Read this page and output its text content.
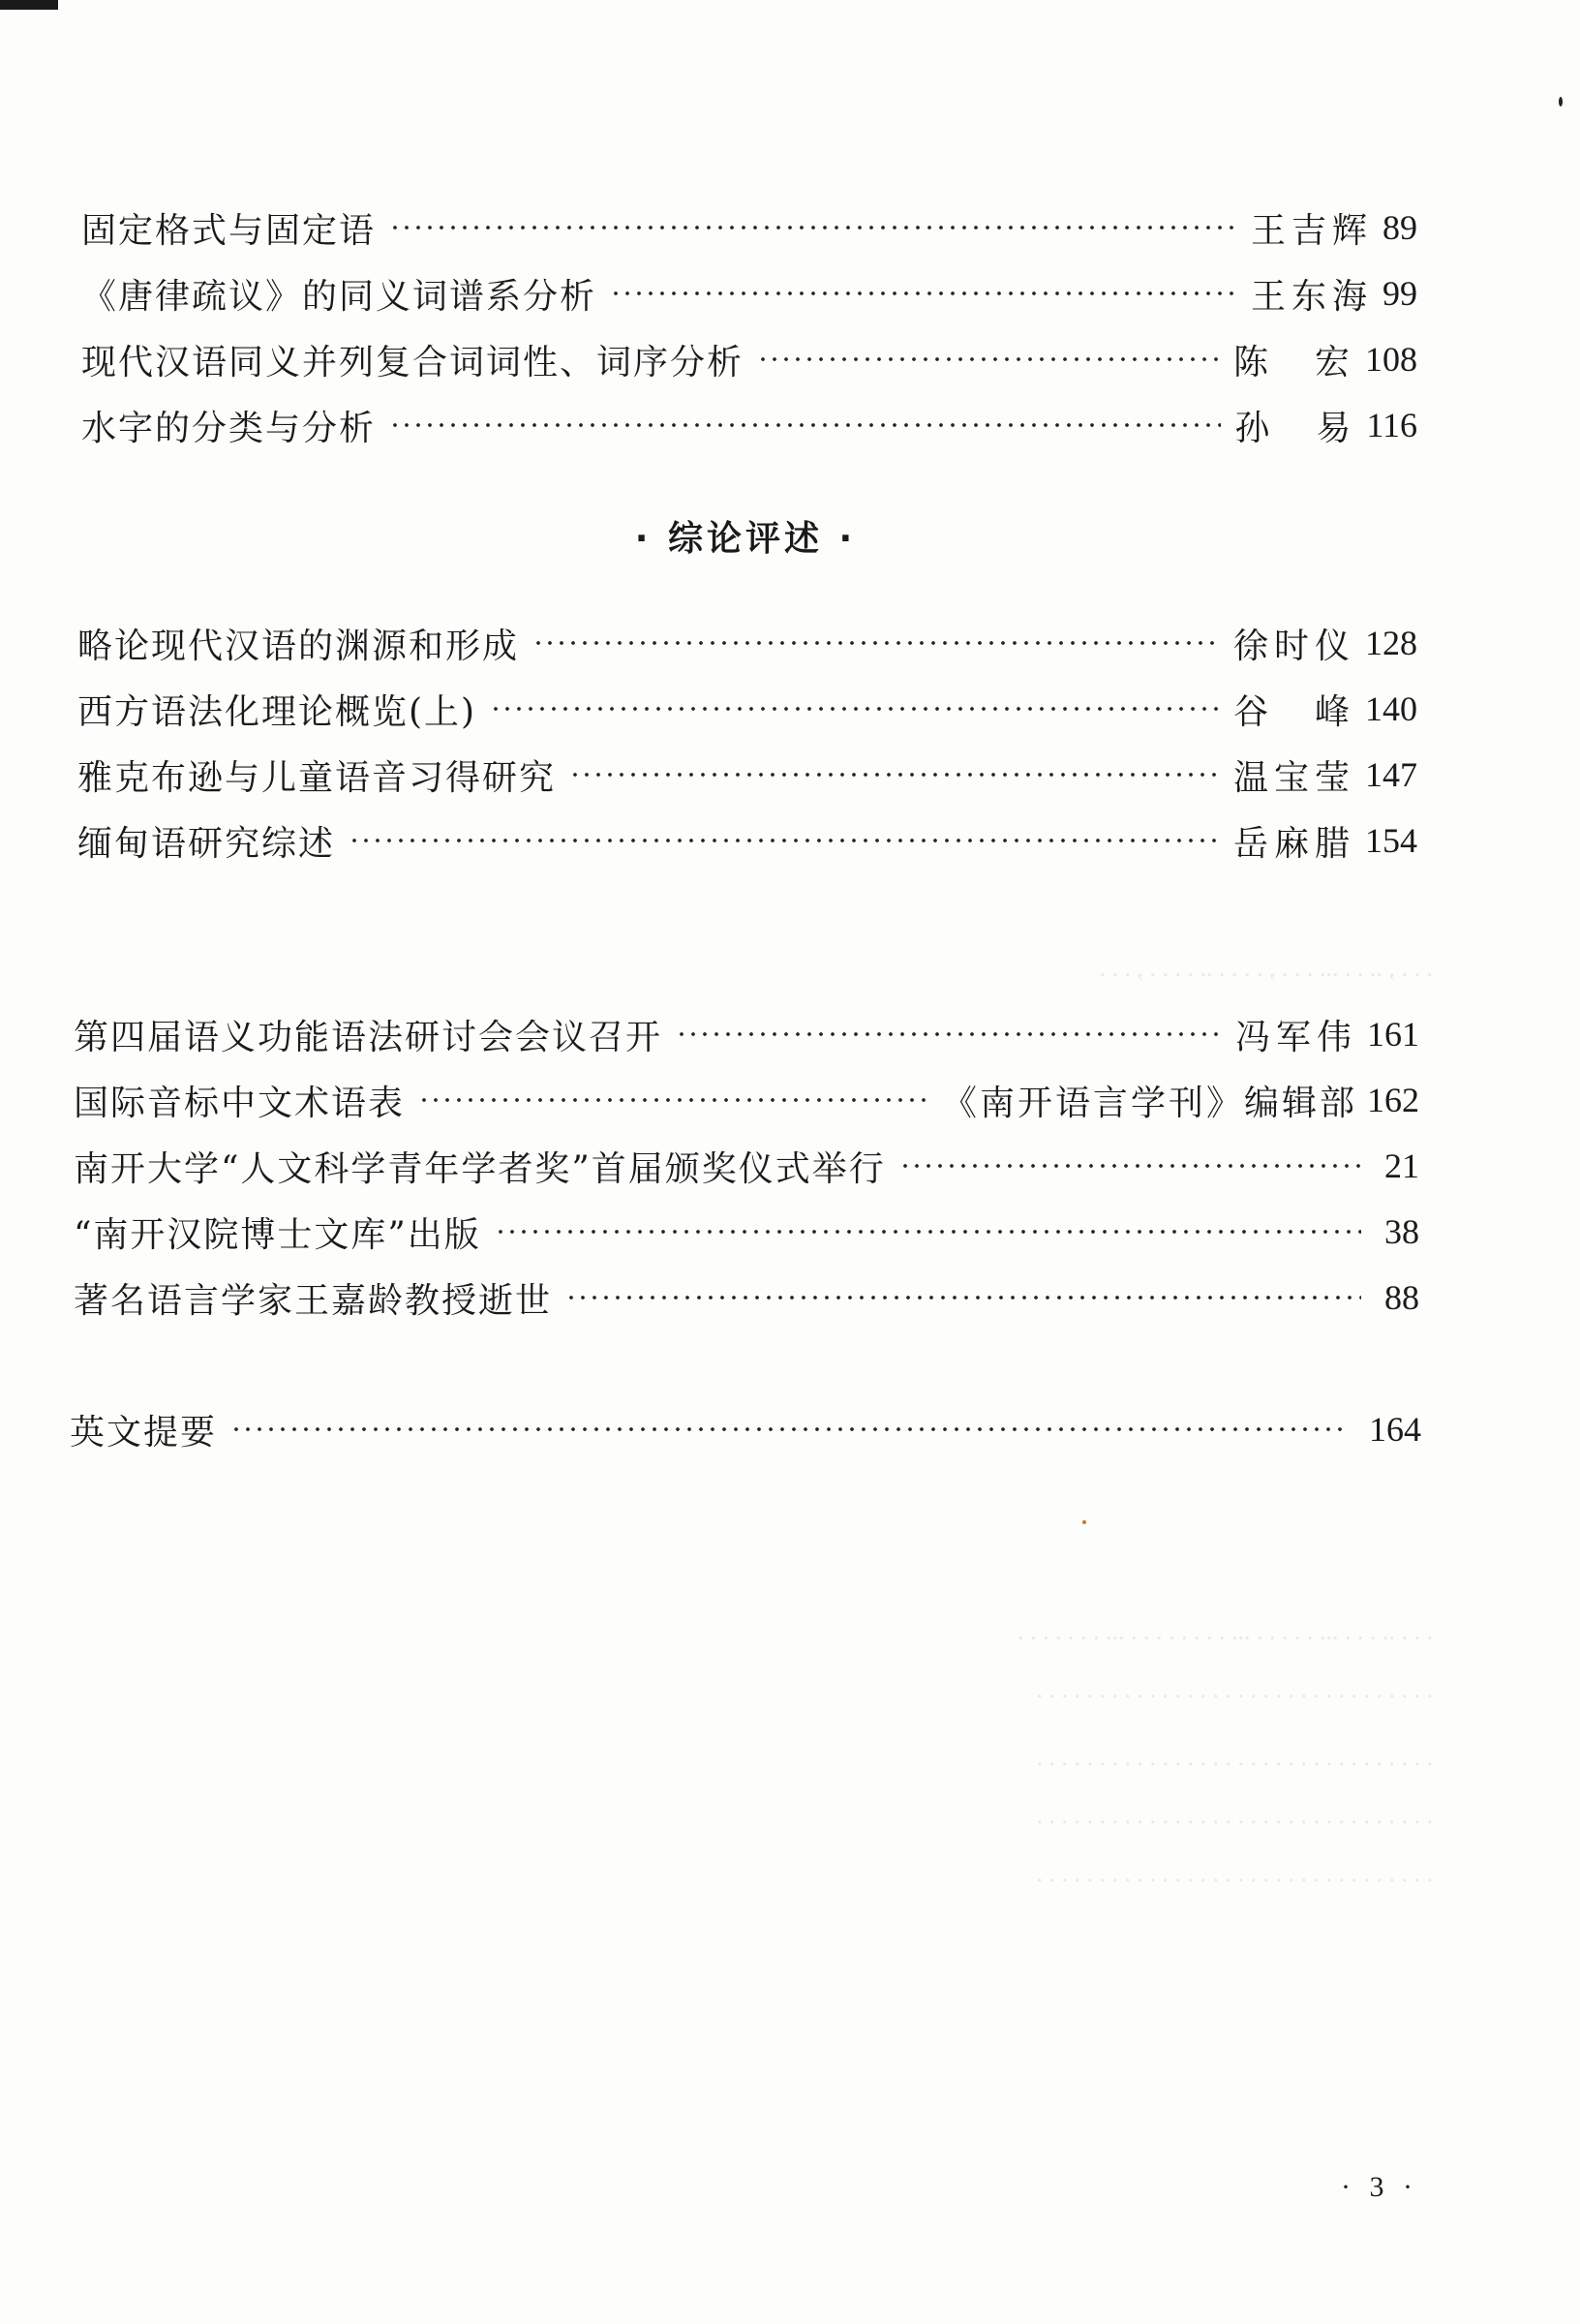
. . . , .. . . ... . . . , . . . . .. . . . . , . . .
. . . .. . . . ... . . . . . ... . . . . . . . . ... . . . . . . .
. . . . . . . . . . . . . . . . . . . . . . . . . . . . . . . .
. . . . . . . . . . . . . . . . . . . . . . . . . . . . . . . .
. . . . . . . . . . . . . . . . . . . . . . . . . . . . . . . .
. . . . . . . . . . . . . . . . . . . . . . . . . . . . . . . .
固定格式与固定语	王吉辉 89
《唐律疏议》的同义词谱系分析	王东海 99
现代汉语同义并列复合词词性、词序分析	陈　宏 108
水字的分类与分析	孙　易 116
· 综论评述 ·
略论现代汉语的渊源和形成	徐时仪 128
西方语法化理论概览(上)	谷　峰 140
雅克布逊与儿童语音习得研究	温宝莹 147
缅甸语研究综述	岳麻腊 154
第四届语义功能语法研讨会会议召开	冯军伟 161
国际音标中文术语表	《南开语言学刊》编辑部 162
南开大学“人文科学青年学者奖”首届颁奖仪式举行	21
“南开汉院博士文库”出版	38
著名语言学家王嘉龄教授逝世	88
英文提要	164
· 3 ·
